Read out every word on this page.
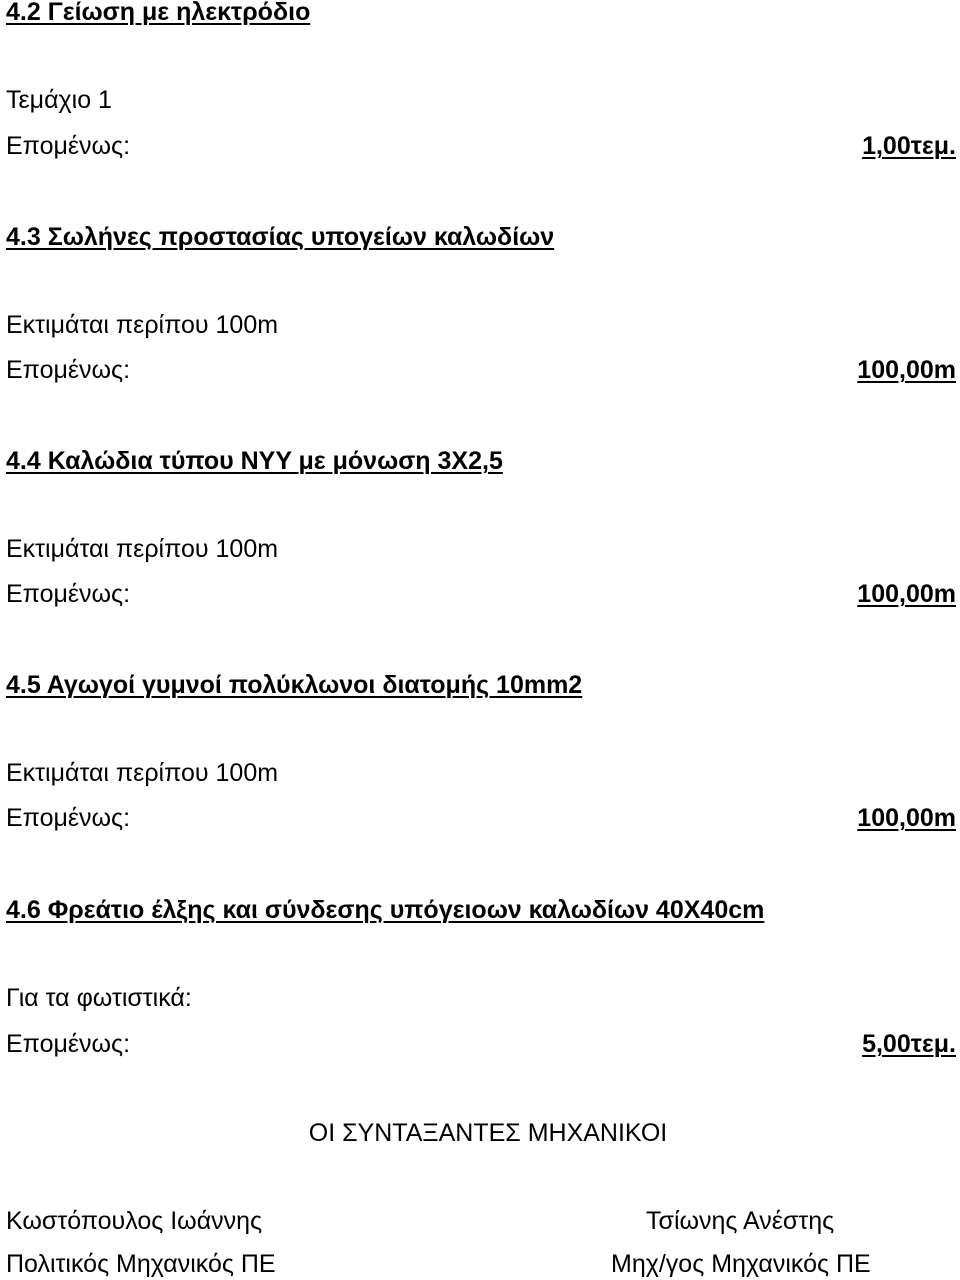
4.2 Γείωση με ηλεκτρόδιο
Τεμάχιο 1
Επομένως:	1,00τεμ.
4.3 Σωλήνες προστασίας υπογείων καλωδίων
Εκτιμάται περίπου 100m
Επομένως:	100,00m
4.4 Καλώδια τύπου NYY με μόνωση 3Χ2,5
Εκτιμάται περίπου 100m
Επομένως:	100,00m
4.5 Αγωγοί γυμνοί πολύκλωνοι διατομής 10mm2
Εκτιμάται περίπου 100m
Επομένως:	100,00m
4.6 Φρεάτιο έλξης και σύνδεσης υπόγειοων καλωδίων 40Χ40cm
Για τα φωτιστικά:
Επομένως:	5,00τεμ.
ΟΙ ΣΥΝΤΑΞΑΝΤΕΣ ΜΗΧΑΝΙΚΟΙ
Κωστόπουλος Ιωάννης
Πολιτικός Μηχανικός ΠΕ
Τσίωνης Ανέστης
Μηχ/γος Μηχανικός ΠΕ
